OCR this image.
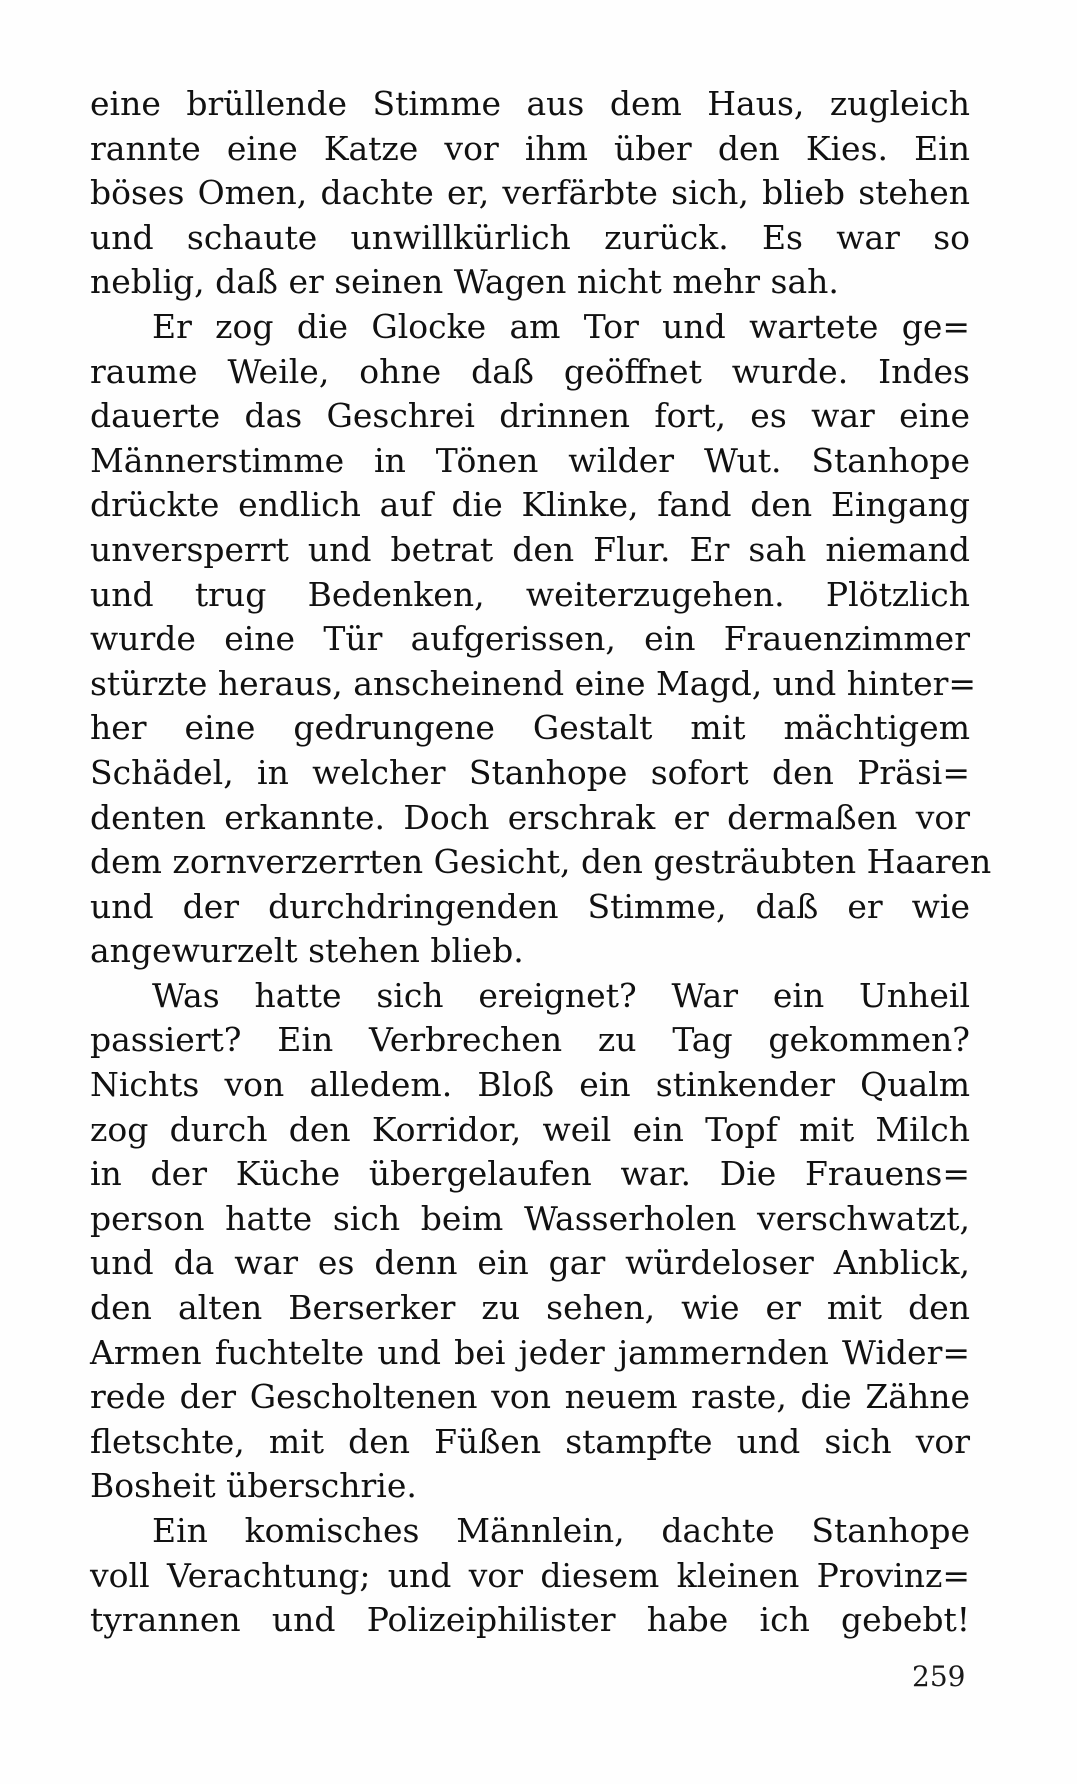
eine brüllende Stimme aus dem Haus, zugleich
rannte eine Katze vor ihm über den Kies. Ein
böses Omen, dachte er, verfärbte sich, blieb stehen
und schaute unwillkürlich zurück. Es war so
neblig, daß er seinen Wagen nicht mehr sah.
Er zog die Glocke am Tor und wartete ge=
raume Weile, ohne daß geöffnet wurde. Indes
dauerte das Geschrei drinnen fort, es war eine
Männerstimme in Tönen wilder Wut. Stanhope
drückte endlich auf die Klinke, fand den Eingang
unversperrt und betrat den Flur. Er sah niemand
und trug Bedenken, weiterzugehen. Plötzlich
wurde eine Tür aufgerissen, ein Frauenzimmer
stürzte heraus, anscheinend eine Magd, und hinter=
her eine gedrungene Gestalt mit mächtigem
Schädel, in welcher Stanhope sofort den Präsi=
denten erkannte. Doch erschrak er dermaßen vor
dem zornverzerrten Gesicht, den gesträubten Haaren
und der durchdringenden Stimme, daß er wie
angewurzelt stehen blieb.
Was hatte sich ereignet? War ein Unheil
passiert? Ein Verbrechen zu Tag gekommen?
Nichts von alledem. Bloß ein stinkender Qualm
zog durch den Korridor, weil ein Topf mit Milch
in der Küche übergelaufen war. Die Frauens=
person hatte sich beim Wasserholen verschwatzt,
und da war es denn ein gar würdeloser Anblick,
den alten Berserker zu sehen, wie er mit den
Armen fuchtelte und bei jeder jammernden Wider=
rede der Gescholtenen von neuem raste, die Zähne
fletschte, mit den Füßen stampfte und sich vor
Bosheit überschrie.
Ein komisches Männlein, dachte Stanhope
voll Verachtung; und vor diesem kleinen Provinz=
tyrannen und Polizeiphilister habe ich gebebt!
259
